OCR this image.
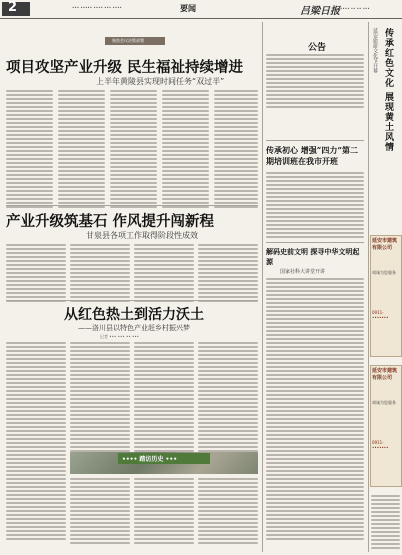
2	••• ••••• •••• ••• ••••	要闻	吕梁日报 •••• •• •• •••
聚焦会议决策部署
项目攻坚产业升级 民生福祉持续增进
上半年黄陵县实现时间任务“双过半”
产业升级筑基石 作风提升闯新程
甘泉县各项工作取得阶段性成效
从红色热土到活力沃土
——洛川县以特色产业赶乡村振兴梦
记者 ••• ••• •• •••
•••• 踏访历史 •••
公告
传承初心 增强“四力”第二期培训班在我市开班
解码史前文明 探寻中华文明起源
国家社科大讲堂开讲
传承红色文化 展现黄土风情
延安旅游文化节开幕
延安市建筑有限公司
竭诚为您服务
0911-•••••••
延安市建筑有限公司
竭诚为您服务
0911-•••••••
